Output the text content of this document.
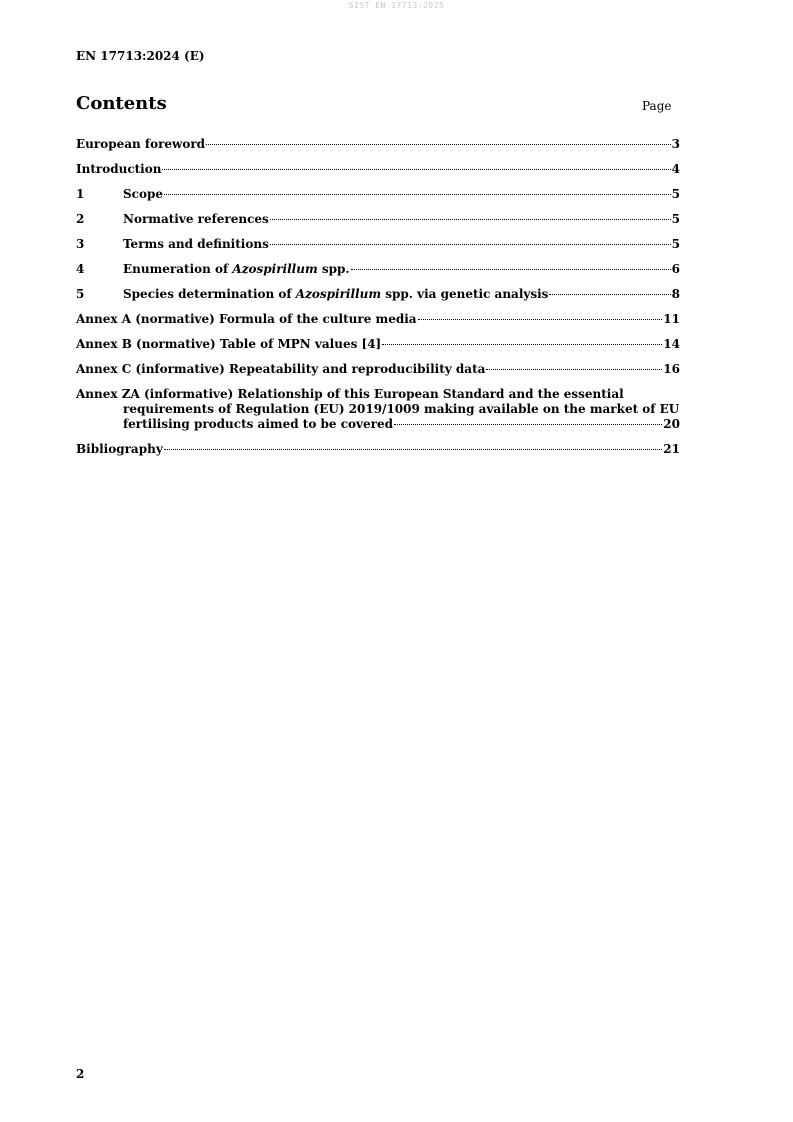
SIST EN 17713:2025
EN 17713:2024 (E)
Contents	Page
European foreword	3
Introduction	4
1	Scope	5
2	Normative references	5
3	Terms and definitions	5
4	Enumeration of Azospirillum spp.	6
5	Species determination of Azospirillum spp. via genetic analysis	8
Annex A (normative) Formula of the culture media	11
Annex B (normative) Table of MPN values [4]	14
Annex C (informative) Repeatability and reproducibility data	16
Annex ZA (informative) Relationship of this European Standard and the essential
requirements of Regulation (EU) 2019/1009 making available on the market of EU
fertilising products aimed to be covered	20
Bibliography	21
2
